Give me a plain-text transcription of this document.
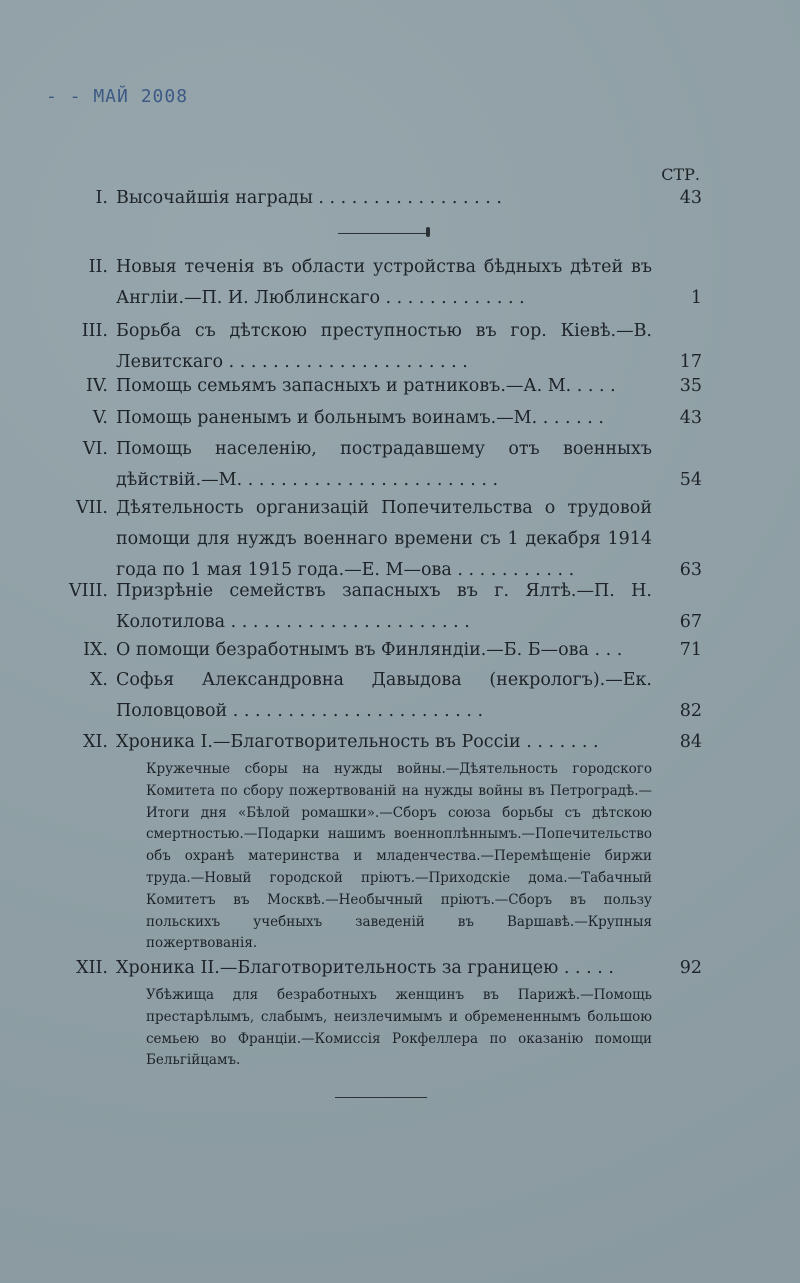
- - МАЙ 2008
СТР.
I. Высочайшія награды . . . . . . . . . . . . . . . . .	43
II. Новыя теченія въ области устройства бѣдныхъ дѣтей въ Англіи.—П. И. Люблинскаго . . . . . . . . . . . . .	1
III. Борьба съ дѣтскою преступностью въ гор. Кіевѣ.—В. Левитскаго . . . . . . . . . . . . . . . . . . . . . .	17
IV. Помощь семьямъ запасныхъ и ратниковъ.—А. М. . . . .	35
V. Помощь раненымъ и больнымъ воинамъ.—М. . . . . . .	43
VI. Помощь населенію, пострадавшему отъ военныхъ дѣйствій.—М. . . . . . . . . . . . . . . . . . . . . . . .	54
VII. Дѣятельность организацій Попечительства о трудовой помощи для нуждъ военнаго времени съ 1 декабря 1914 года по 1 мая 1915 года.—Е. М—ова . . . . . . . . . . .	63
VIII. Призрѣніе семействъ запасныхъ въ г. Ялтѣ.—П. Н. Колотилова . . . . . . . . . . . . . . . . . . . . . .	67
IX. О помощи безработнымъ въ Финляндіи.—Б. Б—ова . . .	71
X. Софья Александровна Давыдова (некрологъ).—Ек. Половцовой . . . . . . . . . . . . . . . . . . . . . . .	82
XI. Хроника I.—Благотворительность въ Россіи . . . . . . .	84
Кружечные сборы на нужды войны.—Дѣятельность городского Комитета по сбору пожертвованій на нужды войны въ Петроградѣ.—Итоги дня «Бѣлой ромашки».—Сборъ союза борьбы съ дѣтскою смертностью.—Подарки нашимъ военноплѣннымъ.—Попечительство объ охранѣ материнства и младенчества.—Перемѣщеніе биржи труда.—Новый городской пріютъ.—Приходскіе дома.—Табачный Комитетъ въ Москвѣ.—Необычный пріютъ.—Сборъ въ пользу польскихъ учебныхъ заведеній въ Варшавѣ.—Крупныя пожертвованія.
XII. Хроника II.—Благотворительность за границею . . . . .	92
Убѣжища для безработныхъ женщинъ въ Парижѣ.—Помощь престарѣлымъ, слабымъ, неизлечимымъ и обремененнымъ большою семьею во Франціи.—Комиссія Рокфеллера по оказанію помощи Бельгійцамъ.
